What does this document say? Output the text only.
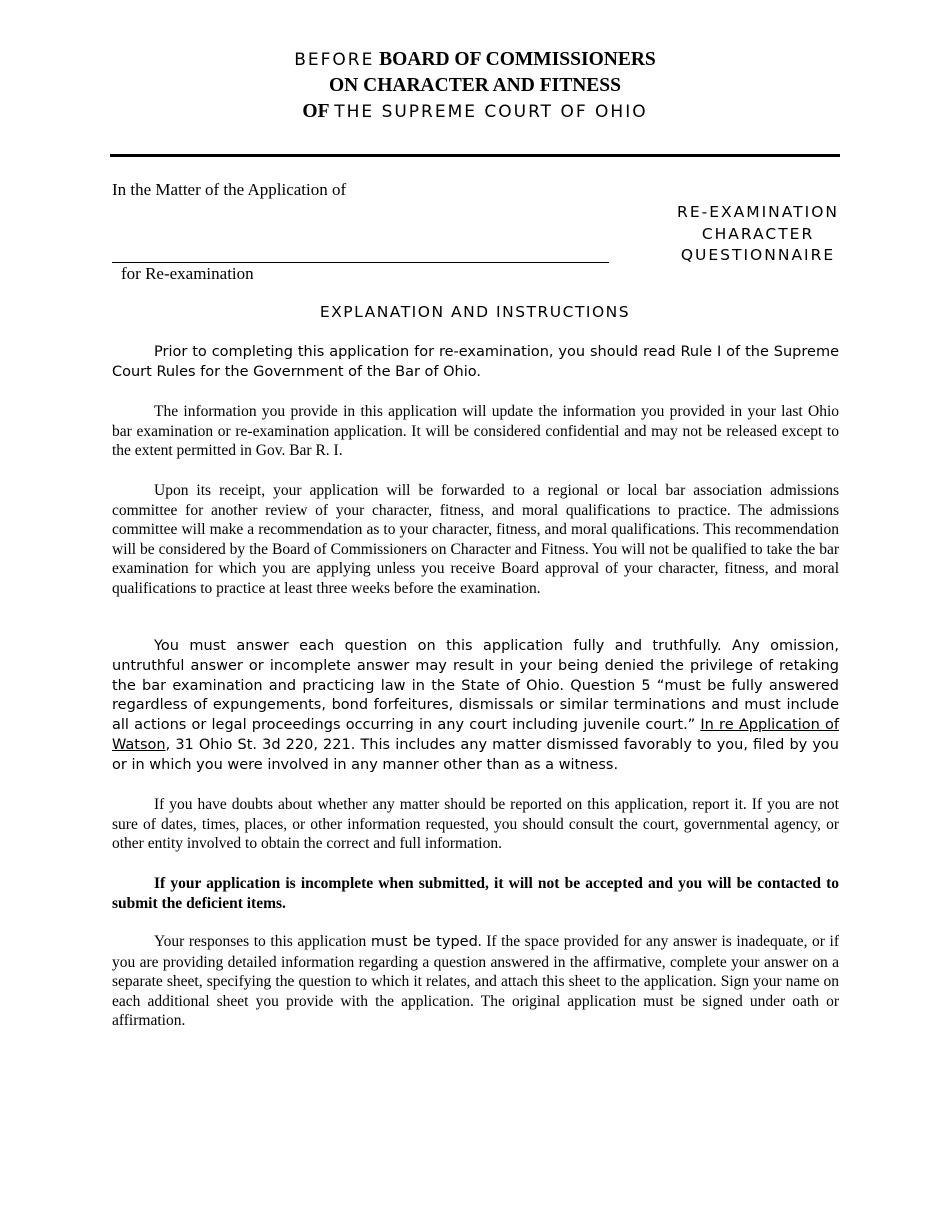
BEFORE BOARD OF COMMISSIONERS
ON CHARACTER AND FITNESS
OF THE SUPREME COURT OF OHIO
In the Matter of the Application of
for Re-examination
RE-EXAMINATION
CHARACTER
QUESTIONNAIRE
EXPLANATION AND INSTRUCTIONS
Prior to completing this application for re-examination, you should read Rule I of the Supreme Court Rules for the Government of the Bar of Ohio.
The information you provide in this application will update the information you provided in your last Ohio bar examination or re-examination application. It will be considered confidential and may not be released except to the extent permitted in Gov. Bar R. I.
Upon its receipt, your application will be forwarded to a regional or local bar association admissions committee for another review of your character, fitness, and moral qualifications to practice. The admissions committee will make a recommendation as to your character, fitness, and moral qualifications. This recommendation will be considered by the Board of Commissioners on Character and Fitness. You will not be qualified to take the bar examination for which you are applying unless you receive Board approval of your character, fitness, and moral qualifications to practice at least three weeks before the examination.
You must answer each question on this application fully and truthfully. Any omission, untruthful answer or incomplete answer may result in your being denied the privilege of retaking the bar examination and practicing law in the State of Ohio. Question 5 “must be fully answered regardless of expungements, bond forfeitures, dismissals or similar terminations and must include all actions or legal proceedings occurring in any court including juvenile court.” In re Application of Watson, 31 Ohio St. 3d 220, 221. This includes any matter dismissed favorably to you, filed by you or in which you were involved in any manner other than as a witness.
If you have doubts about whether any matter should be reported on this application, report it. If you are not sure of dates, times, places, or other information requested, you should consult the court, governmental agency, or other entity involved to obtain the correct and full information.
If your application is incomplete when submitted, it will not be accepted and you will be contacted to submit the deficient items.
Your responses to this application must be typed. If the space provided for any answer is inadequate, or if you are providing detailed information regarding a question answered in the affirmative, complete your answer on a separate sheet, specifying the question to which it relates, and attach this sheet to the application. Sign your name on each additional sheet you provide with the application. The original application must be signed under oath or affirmation.
